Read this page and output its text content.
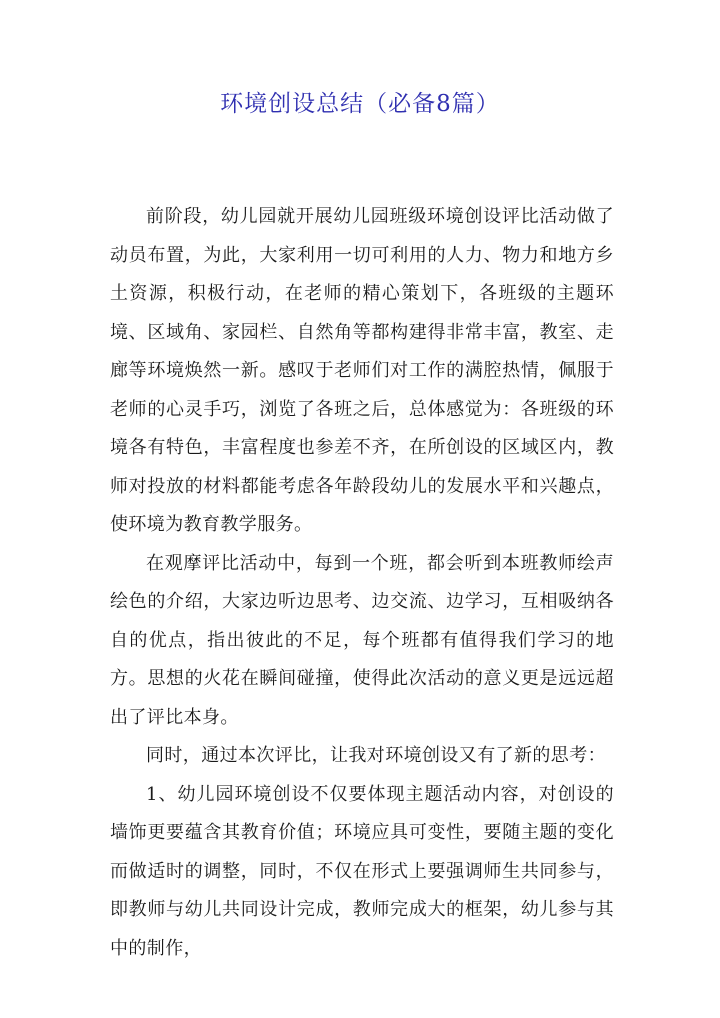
环境创设总结（必备8篇）

前阶段，幼儿园就开展幼儿园班级环境创设评比活动做了动员布置，为此，大家利用一切可利用的人力、物力和地方乡土资源，积极行动，在老师的精心策划下，各班级的主题环境、区域角、家园栏、自然角等都构建得非常丰富，教室、走廊等环境焕然一新。感叹于老师们对工作的满腔热情，佩服于老师的心灵手巧，浏览了各班之后，总体感觉为：各班级的环境各有特色，丰富程度也参差不齐，在所创设的区域区内，教师对投放的材料都能考虑各年龄段幼儿的发展水平和兴趣点，使环境为教育教学服务。

在观摩评比活动中，每到一个班，都会听到本班教师绘声绘色的介绍，大家边听边思考、边交流、边学习，互相吸纳各自的优点，指出彼此的不足，每个班都有值得我们学习的地方。思想的火花在瞬间碰撞，使得此次活动的意义更是远远超出了评比本身。

同时，通过本次评比，让我对环境创设又有了新的思考：

1、幼儿园环境创设不仅要体现主题活动内容，对创设的墙饰更要蕴含其教育价值；环境应具可变性，要随主题的变化而做适时的调整，同时，不仅在形式上要强调师生共同参与，即教师与幼儿共同设计完成，教师完成大的框架，幼儿参与其中的制作，
